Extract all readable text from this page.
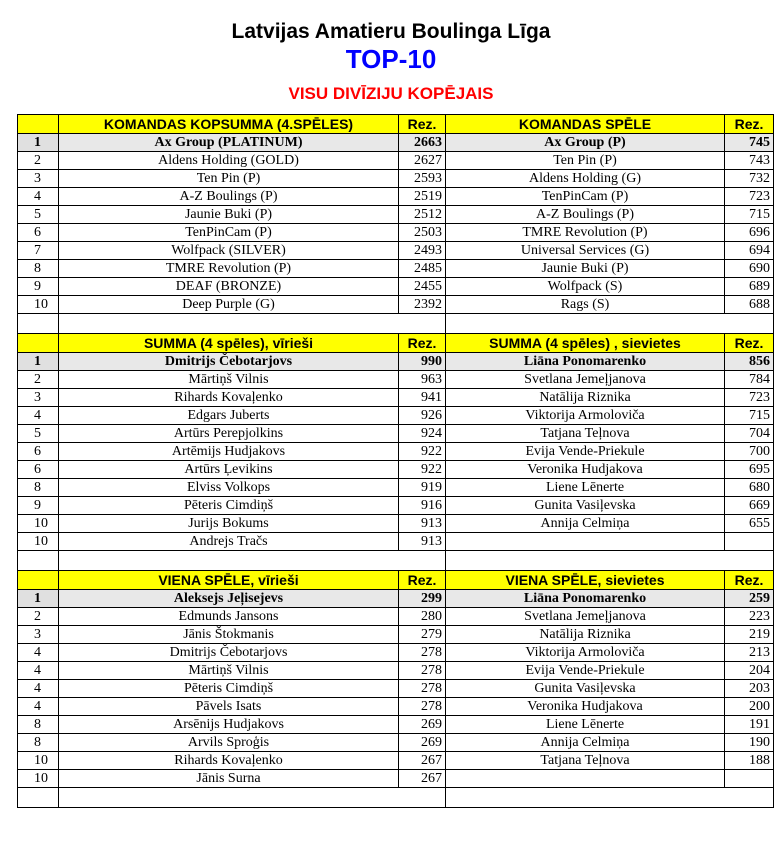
Latvijas Amatieru Boulinga Līga
TOP-10
VISU DIVĪZIJU KOPĒJAIS
	KOMANDAS KOPSUMMA (4.SPĒLES)	Rez.	KOMANDAS SPĒLE	Rez.
1	Ax Group (PLATINUM)	2663	Ax Group (P)	745
2	Aldens Holding (GOLD)	2627	Ten Pin (P)	743
3	Ten Pin (P)	2593	Aldens Holding (G)	732
4	A-Z Boulings (P)	2519	TenPinCam (P)	723
5	Jaunie Buki (P)	2512	A-Z Boulings (P)	715
6	TenPinCam (P)	2503	TMRE Revolution (P)	696
7	Wolfpack (SILVER)	2493	Universal Services (G)	694
8	TMRE Revolution (P)	2485	Jaunie Buki (P)	690
9	DEAF (BRONZE)	2455	Wolfpack (S)	689
10	Deep Purple (G)	2392	Rags (S)	688

	SUMMA (4 spēles), vīrieši	Rez.	SUMMA (4 spēles) , sievietes	Rez.
1	Dmitrijs Čebotarjovs	990	Liāna Ponomarenko	856
2	Mārtiņš Vilnis	963	Svetlana Jemeļjanova	784
3	Rihards Kovaļenko	941	Natālija Riznika	723
4	Edgars Juberts	926	Viktorija Armoloviča	715
5	Artūrs Perepjolkins	924	Tatjana Teļnova	704
6	Artēmijs Hudjakovs	922	Evija Vende-Priekule	700
6	Artūrs Ļevikins	922	Veronika Hudjakova	695
8	Elviss Volkops	919	Liene Lēnerte	680
9	Pēteris Cimdiņš	916	Gunita Vasiļevska	669
10	Jurijs Bokums	913	Annija Celmiņa	655
10	Andrejs Tračs	913		

	VIENA SPĒLE, vīrieši	Rez.	VIENA SPĒLE, sievietes	Rez.
1	Aleksejs Jeļisejevs	299	Liāna Ponomarenko	259
2	Edmunds Jansons	280	Svetlana Jemeļjanova	223
3	Jānis Štokmanis	279	Natālija Riznika	219
4	Dmitrijs Čebotarjovs	278	Viktorija Armoloviča	213
4	Mārtiņš Vilnis	278	Evija Vende-Priekule	204
4	Pēteris Cimdiņš	278	Gunita Vasiļevska	203
4	Pāvels Isats	278	Veronika Hudjakova	200
8	Arsēnijs Hudjakovs	269	Liene Lēnerte	191
8	Arvils Sproģis	269	Annija Celmiņa	190
10	Rihards Kovaļenko	267	Tatjana Teļnova	188
10	Jānis Surna	267		
